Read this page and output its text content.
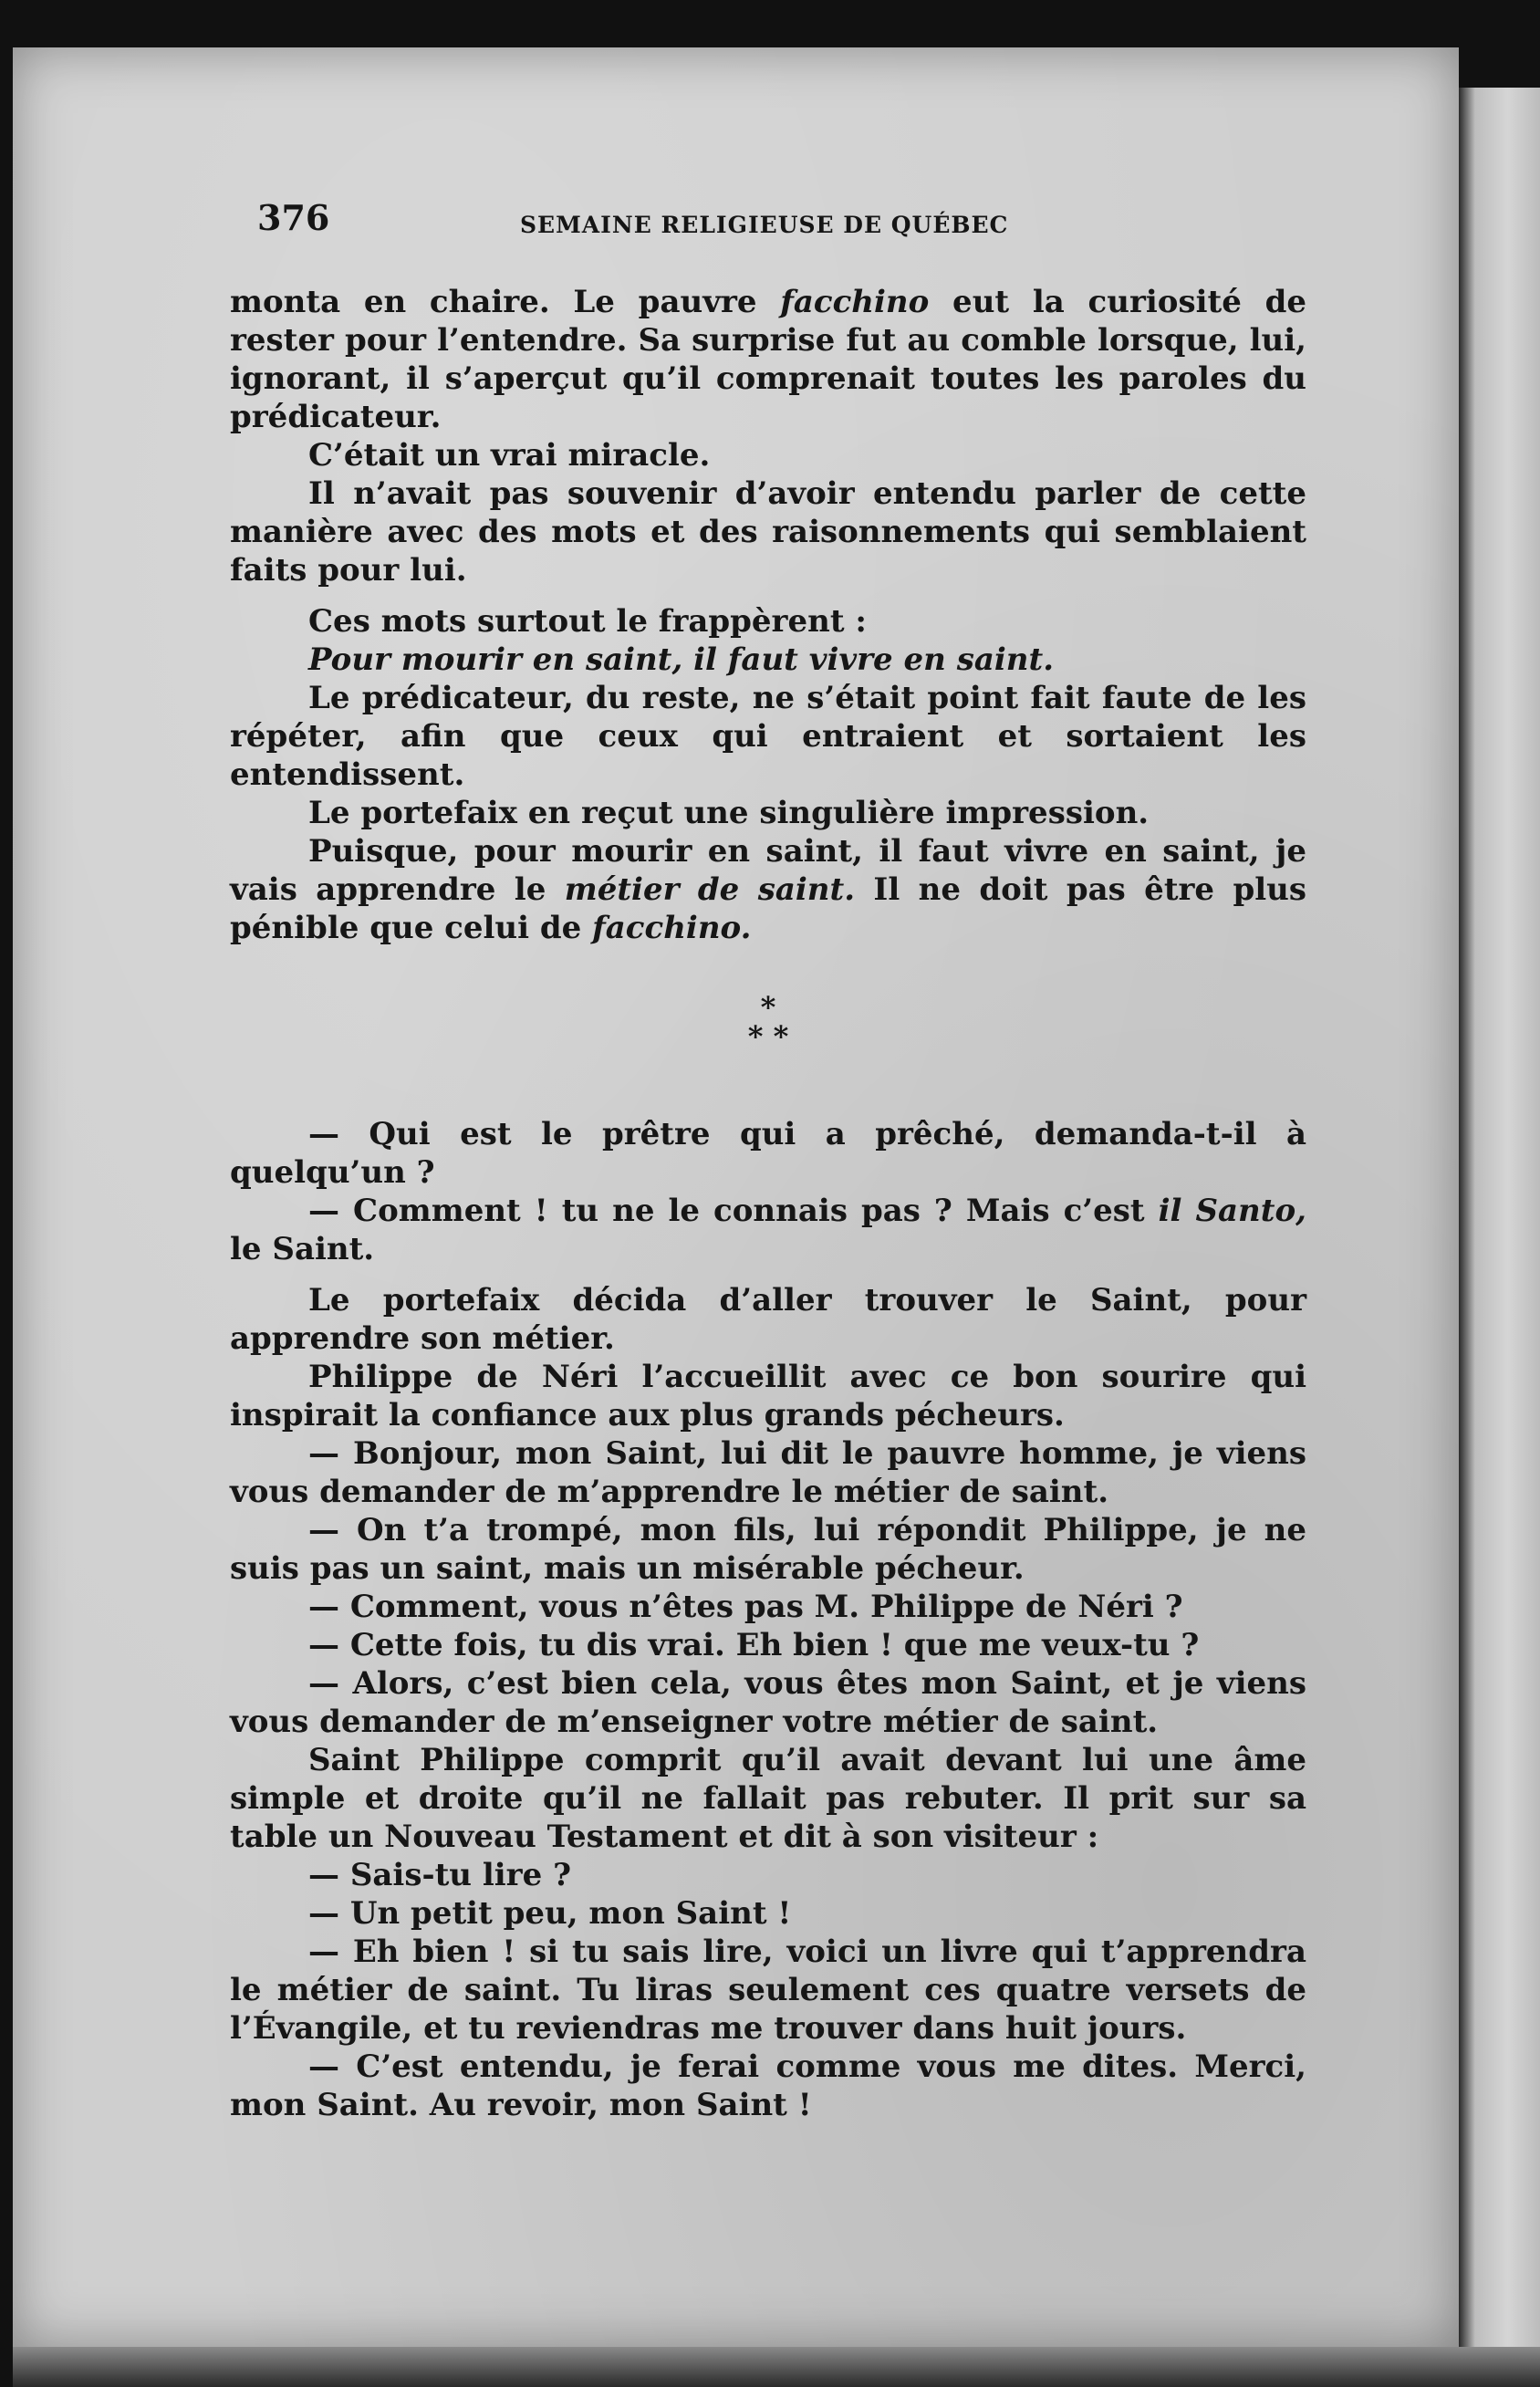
376	SEMAINE RELIGIEUSE DE QUÉBEC

monta en chaire. Le pauvre facchino eut la curiosité de rester pour l’entendre. Sa surprise fut au comble lorsque, lui, ignorant, il s’aperçut qu’il comprenait toutes les paroles du prédicateur.

C’était un vrai miracle.

Il n’avait pas souvenir d’avoir entendu parler de cette manière avec des mots et des raisonnements qui semblaient faits pour lui.

Ces mots surtout le frappèrent :

Pour mourir en saint, il faut vivre en saint.

Le prédicateur, du reste, ne s’était point fait faute de les répéter, afin que ceux qui entraient et sortaient les entendissent.

Le portefaix en reçut une singulière impression.

Puisque, pour mourir en saint, il faut vivre en saint, je vais apprendre le métier de saint. Il ne doit pas être plus pénible que celui de facchino.

*
* *

— Qui est le prêtre qui a prêché, demanda-t-il à quelqu’un ?

— Comment ! tu ne le connais pas ? Mais c’est il Santo, le Saint.

Le portefaix décida d’aller trouver le Saint, pour apprendre son métier.

Philippe de Néri l’accueillit avec ce bon sourire qui inspirait la confiance aux plus grands pécheurs.

— Bonjour, mon Saint, lui dit le pauvre homme, je viens vous demander de m’apprendre le métier de saint.

— On t’a trompé, mon fils, lui répondit Philippe, je ne suis pas un saint, mais un misérable pécheur.

— Comment, vous n’êtes pas M. Philippe de Néri ?

— Cette fois, tu dis vrai. Eh bien ! que me veux-tu ?

— Alors, c’est bien cela, vous êtes mon Saint, et je viens vous demander de m’enseigner votre métier de saint.

Saint Philippe comprit qu’il avait devant lui une âme simple et droite qu’il ne fallait pas rebuter. Il prit sur sa table un Nouveau Testament et dit à son visiteur :

— Sais-tu lire ?

— Un petit peu, mon Saint !

— Eh bien ! si tu sais lire, voici un livre qui t’apprendra le métier de saint. Tu liras seulement ces quatre versets de l’Évangile, et tu reviendras me trouver dans huit jours.

— C’est entendu, je ferai comme vous me dites. Merci, mon Saint. Au revoir, mon Saint !
